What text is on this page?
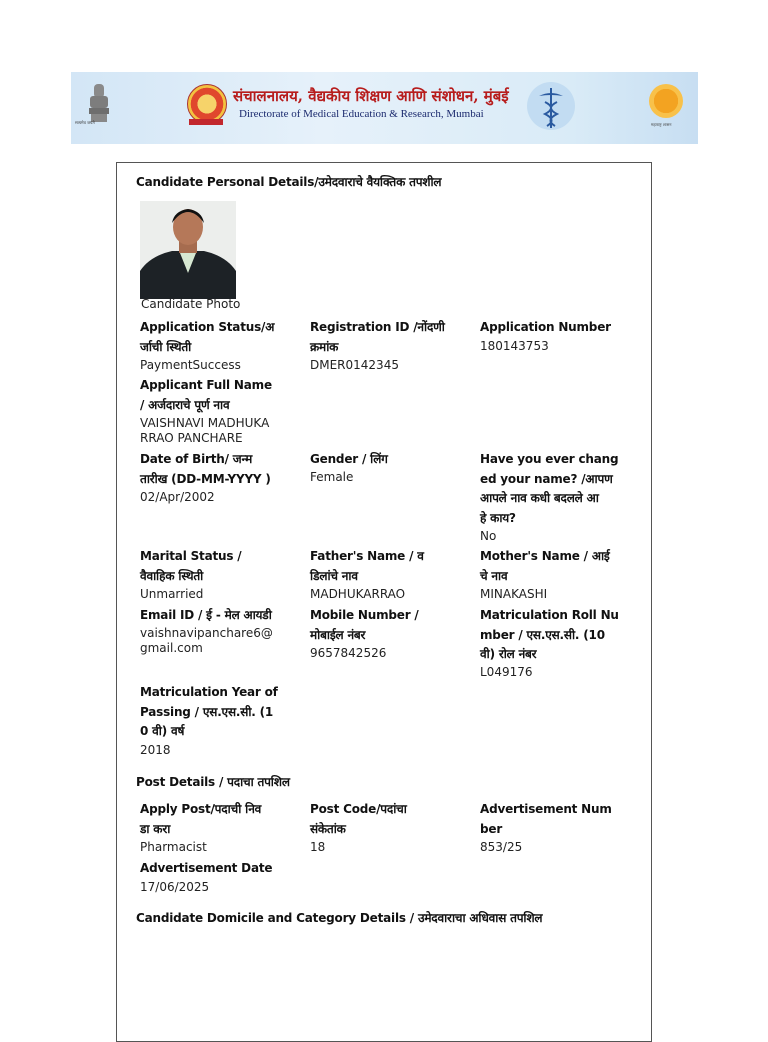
सत्यमेव जयते
संचालनालय, वैद्यकीय शिक्षण आणि संशोधन, मुंबई
Directorate of Medical Education & Research, Mumbai
महाराष्ट्र शासन
Candidate Personal Details/उमेदवाराचे वैयक्तिक तपशील
Candidate Photo
Application Status/अ
र्जाची स्थिती
PaymentSuccess
Registration ID /नोंदणी
क्रमांक
DMER0142345
Application Number
180143753
Applicant Full Name
/ अर्जदाराचे पूर्ण नाव
VAISHNAVI MADHUKA
RRAO PANCHARE
Date of Birth/ जन्म
तारीख (DD-MM-YYYY )
02/Apr/2002
Gender / लिंग
Female
Have you ever chang
ed your name? /आपण
आपले नाव कधी बदलले आ
हे काय?
No
Marital Status /
वैवाहिक स्थिती
Unmarried
Father's Name / व
डिलांचे नाव
MADHUKARRAO
Mother's Name / आई
चे नाव
MINAKASHI
Email ID / ई - मेल आयडी
vaishnavipanchare6@
gmail.com
Mobile Number /
मोबाईल नंबर
9657842526
Matriculation Roll Nu
mber / एस.एस.सी. (10
वी) रोल नंबर
L049176
Matriculation Year of
Passing / एस.एस.सी. (1
0 वी) वर्ष
2018
Post Details / पदाचा तपशिल
Apply Post/पदाची निव
डा करा
Pharmacist
Post Code/पदांचा
संकेतांक
18
Advertisement Num
ber
853/25
Advertisement Date
17/06/2025
Candidate Domicile and Category Details / उमेदवाराचा अधिवास तपशिल
